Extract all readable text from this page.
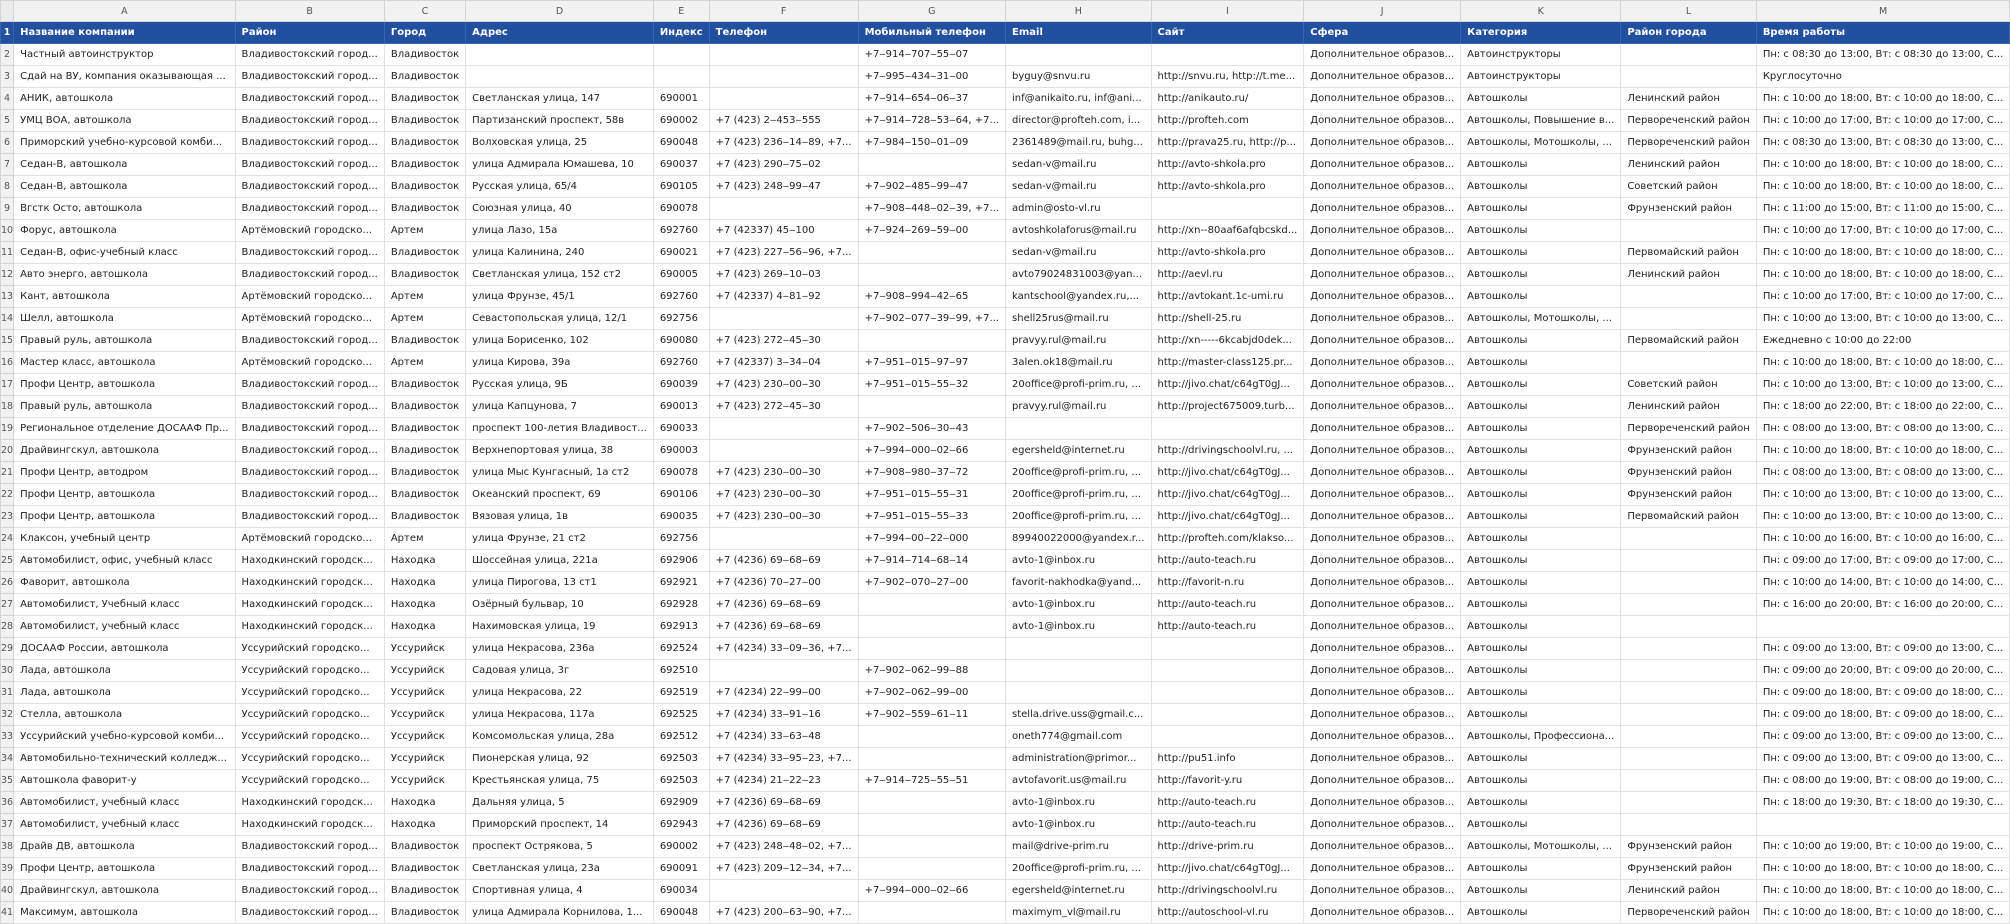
	A	B	C	D	E	F	G	H	I	J	K	L	M
1	Название компании	Район	Город	Адрес	Индекс	Телефон	Мобильный телефон	Email	Сайт	Сфера	Категория	Район города	Время работы
2	Частный автоинструктор	Владивостокский город...	Владивосток				+7‒914‒707‒55‒07			Дополнительное образов...	Автоинструкторы		Пн: с 08:30 до 13:00, Вт: с 08:30 до 13:00, С...
3	Сдай на ВУ, компания оказывающая ...	Владивостокский город...	Владивосток				+7‒995‒434‒31‒00	byguy@snvu.ru	http://snvu.ru, http://t.me...	Дополнительное образов...	Автоинструкторы		Круглосуточно
4	АНИК, автошкола	Владивостокский город...	Владивосток	Светланская улица, 147	690001		+7‒914‒654‒06‒37	inf@anikaito.ru, inf@ani...	http://anikauto.ru/	Дополнительное образов...	Автошколы	Ленинский район	Пн: с 10:00 до 18:00, Вт: с 10:00 до 18:00, С...
5	УМЦ ВОА, автошкола	Владивостокский город...	Владивосток	Партизанский проспект, 58в	690002	+7 (423) 2‒453‒555	+7‒914‒728‒53‒64, +7...	director@profteh.com, i...	http://profteh.com	Дополнительное образов...	Автошколы, Повышение в...	Первореченский район	Пн: с 10:00 до 17:00, Вт: с 10:00 до 17:00, С...
6	Приморский учебно-курсовой комби...	Владивостокский город...	Владивосток	Волховская улица, 25	690048	+7 (423) 236‒14‒89, +7...	+7‒984‒150‒01‒09	2361489@mail.ru, buhg...	http://prava25.ru, http://p...	Дополнительное образов...	Автошколы, Мотошколы, ...	Первореченский район	Пн: с 08:30 до 13:00, Вт: с 08:30 до 13:00, С...
7	Седан-В, автошкола	Владивостокский город...	Владивосток	улица Адмирала Юмашева, 10	690037	+7 (423) 290‒75‒02		sedan-v@mail.ru	http://avto-shkola.pro	Дополнительное образов...	Автошколы	Ленинский район	Пн: с 10:00 до 18:00, Вт: с 10:00 до 18:00, С...
8	Седан-В, автошкола	Владивостокский город...	Владивосток	Русская улица, 65/4	690105	+7 (423) 248‒99‒47	+7‒902‒485‒99‒47	sedan-v@mail.ru	http://avto-shkola.pro	Дополнительное образов...	Автошколы	Советский район	Пн: с 10:00 до 18:00, Вт: с 10:00 до 18:00, С...
9	Вгстк Осто, автошкола	Владивостокский город...	Владивосток	Союзная улица, 40	690078		+7‒908‒448‒02‒39, +7...	admin@osto-vl.ru		Дополнительное образов...	Автошколы	Фрунзенский район	Пн: с 11:00 до 15:00, Вт: с 11:00 до 15:00, С...
10	Форус, автошкола	Артёмовский городско...	Артем	улица Лазо, 15а	692760	+7 (42337) 45‒100	+7‒924‒269‒59‒00	avtoshkolaforus@mail.ru	http://xn--80aaf6afqbcskd...	Дополнительное образов...	Автошколы		Пн: с 10:00 до 17:00, Вт: с 10:00 до 17:00, С...
11	Седан-В, офис-учебный класс	Владивостокский город...	Владивосток	улица Калинина, 240	690021	+7 (423) 227‒56‒96, +7...		sedan-v@mail.ru	http://avto-shkola.pro	Дополнительное образов...	Автошколы	Первомайский район	Пн: с 10:00 до 18:00, Вт: с 10:00 до 18:00, С...
12	Авто энерго, автошкола	Владивостокский город...	Владивосток	Светланская улица, 152 ст2	690005	+7 (423) 269‒10‒03		avto79024831003@yan...	http://aevl.ru	Дополнительное образов...	Автошколы	Ленинский район	Пн: с 10:00 до 18:00, Вт: с 10:00 до 18:00, С...
13	Кант, автошкола	Артёмовский городско...	Артем	улица Фрунзе, 45/1	692760	+7 (42337) 4‒81‒92	+7‒908‒994‒42‒65	kantschool@yandex.ru,...	http://avtokant.1c-umi.ru	Дополнительное образов...	Автошколы		Пн: с 10:00 до 17:00, Вт: с 10:00 до 17:00, С...
14	Шелл, автошкола	Артёмовский городско...	Артем	Севастопольская улица, 12/1	692756		+7‒902‒077‒39‒99, +7...	shell25rus@mail.ru	http://shell-25.ru	Дополнительное образов...	Автошколы, Мотошколы, ...		Пн: с 10:00 до 13:00, Вт: с 10:00 до 13:00, С...
15	Правый руль, автошкола	Владивостокский город...	Владивосток	улица Борисенко, 102	690080	+7 (423) 272‒45‒30		pravyy.rul@mail.ru	http://xn-----6kcabjd0dek...	Дополнительное образов...	Автошколы	Первомайский район	Ежедневно с 10:00 до 22:00
16	Мастер класс, автошкола	Артёмовский городско...	Артем	улица Кирова, 39а	692760	+7 (42337) 3‒34‒04	+7‒951‒015‒97‒97	3alen.ok18@mail.ru	http://master-class125.pr...	Дополнительное образов...	Автошколы		Пн: с 10:00 до 18:00, Вт: с 10:00 до 18:00, С...
17	Профи Центр, автошкола	Владивостокский город...	Владивосток	Русская улица, 9Б	690039	+7 (423) 230‒00‒30	+7‒951‒015‒55‒32	20office@profi-prim.ru, ...	http://jivo.chat/c64gT0gJ...	Дополнительное образов...	Автошколы	Советский район	Пн: с 10:00 до 13:00, Вт: с 10:00 до 13:00, С...
18	Правый руль, автошкола	Владивостокский город...	Владивосток	улица Капцунова, 7	690013	+7 (423) 272‒45‒30		pravyy.rul@mail.ru	http://project675009.turb...	Дополнительное образов...	Автошколы	Ленинский район	Пн: с 18:00 до 22:00, Вт: с 18:00 до 22:00, С...
19	Региональное отделение ДОСААФ Пр...	Владивостокский город...	Владивосток	проспект 100-летия Владивост...	690033		+7‒902‒506‒30‒43			Дополнительное образов...	Автошколы	Первореченский район	Пн: с 08:00 до 13:00, Вт: с 08:00 до 13:00, С...
20	Драйвингскул, автошкола	Владивостокский город...	Владивосток	Верхнепортовая улица, 38	690003		+7‒994‒000‒02‒66	egersheld@internet.ru	http://drivingschoolvl.ru, ...	Дополнительное образов...	Автошколы	Фрунзенский район	Пн: с 10:00 до 18:00, Вт: с 10:00 до 18:00, С...
21	Профи Центр, автодром	Владивостокский город...	Владивосток	улица Мыс Кунгасный, 1а ст2	690078	+7 (423) 230‒00‒30	+7‒908‒980‒37‒72	20office@profi-prim.ru, ...	http://jivo.chat/c64gT0gJ...	Дополнительное образов...	Автошколы	Фрунзенский район	Пн: с 08:00 до 13:00, Вт: с 08:00 до 13:00, С...
22	Профи Центр, автошкола	Владивостокский город...	Владивосток	Океанский проспект, 69	690106	+7 (423) 230‒00‒30	+7‒951‒015‒55‒31	20office@profi-prim.ru, ...	http://jivo.chat/c64gT0gJ...	Дополнительное образов...	Автошколы	Фрунзенский район	Пн: с 10:00 до 13:00, Вт: с 10:00 до 13:00, С...
23	Профи Центр, автошкола	Владивостокский город...	Владивосток	Вязовая улица, 1в	690035	+7 (423) 230‒00‒30	+7‒951‒015‒55‒33	20office@profi-prim.ru, ...	http://jivo.chat/c64gT0gJ...	Дополнительное образов...	Автошколы	Первомайский район	Пн: с 10:00 до 13:00, Вт: с 10:00 до 13:00, С...
24	Клаксон, учебный центр	Артёмовский городско...	Артем	улица Фрунзе, 21 ст2	692756		+7‒994‒00‒22‒000	89940022000@yandex.r...	http://profteh.com/klakso...	Дополнительное образов...	Автошколы		Пн: с 10:00 до 16:00, Вт: с 10:00 до 16:00, С...
25	Автомобилист, офис, учебный класс	Находкинский городск...	Находка	Шоссейная улица, 221а	692906	+7 (4236) 69‒68‒69	+7‒914‒714‒68‒14	avto-1@inbox.ru	http://auto-teach.ru	Дополнительное образов...	Автошколы		Пн: с 09:00 до 17:00, Вт: с 09:00 до 17:00, С...
26	Фаворит, автошкола	Находкинский городск...	Находка	улица Пирогова, 13 ст1	692921	+7 (4236) 70‒27‒00	+7‒902‒070‒27‒00	favorit-nakhodka@yand...	http://favorit-n.ru	Дополнительное образов...	Автошколы		Пн: с 10:00 до 14:00, Вт: с 10:00 до 14:00, С...
27	Автомобилист, Учебный класс	Находкинский городск...	Находка	Озёрный бульвар, 10	692928	+7 (4236) 69‒68‒69		avto-1@inbox.ru	http://auto-teach.ru	Дополнительное образов...	Автошколы		Пн: с 16:00 до 20:00, Вт: с 16:00 до 20:00, С...
28	Автомобилист, учебный класс	Находкинский городск...	Находка	Нахимовская улица, 19	692913	+7 (4236) 69‒68‒69		avto-1@inbox.ru	http://auto-teach.ru	Дополнительное образов...	Автошколы		
29	ДОСААФ России, автошкола	Уссурийский городско...	Уссурийск	улица Некрасова, 236а	692524	+7 (4234) 33‒09‒36, +7...				Дополнительное образов...	Автошколы		Пн: с 09:00 до 13:00, Вт: с 09:00 до 13:00, С...
30	Лада, автошкола	Уссурийский городско...	Уссурийск	Садовая улица, 3г	692510		+7‒902‒062‒99‒88			Дополнительное образов...	Автошколы		Пн: с 09:00 до 20:00, Вт: с 09:00 до 20:00, С...
31	Лада, автошкола	Уссурийский городско...	Уссурийск	улица Некрасова, 22	692519	+7 (4234) 22‒99‒00	+7‒902‒062‒99‒00			Дополнительное образов...	Автошколы		Пн: с 09:00 до 18:00, Вт: с 09:00 до 18:00, С...
32	Стелла, автошкола	Уссурийский городско...	Уссурийск	улица Некрасова, 117а	692525	+7 (4234) 33‒91‒16	+7‒902‒559‒61‒11	stella.drive.uss@gmail.c...		Дополнительное образов...	Автошколы		Пн: с 09:00 до 18:00, Вт: с 09:00 до 18:00, С...
33	Уссурийский учебно-курсовой комби...	Уссурийский городско...	Уссурийск	Комсомольская улица, 28а	692512	+7 (4234) 33‒63‒48		oneth774@gmail.com		Дополнительное образов...	Автошколы, Профессиона...		Пн: с 09:00 до 13:00, Вт: с 09:00 до 13:00, С...
34	Автомобильно-технический колледж...	Уссурийский городско...	Уссурийск	Пионерская улица, 92	692503	+7 (4234) 33‒95‒23, +7...		administration@primor...	http://pu51.info	Дополнительное образов...	Автошколы		Пн: с 09:00 до 13:00, Вт: с 09:00 до 13:00, С...
35	Автошкола фаворит-у	Уссурийский городско...	Уссурийск	Крестьянская улица, 75	692503	+7 (4234) 21‒22‒23	+7‒914‒725‒55‒51	avtofavorit.us@mail.ru	http://favorit-y.ru	Дополнительное образов...	Автошколы		Пн: с 08:00 до 19:00, Вт: с 08:00 до 19:00, С...
36	Автомобилист, учебный класс	Находкинский городск...	Находка	Дальняя улица, 5	692909	+7 (4236) 69‒68‒69		avto-1@inbox.ru	http://auto-teach.ru	Дополнительное образов...	Автошколы		Пн: с 18:00 до 19:30, Вт: с 18:00 до 19:30, С...
37	Автомобилист, учебный класс	Находкинский городск...	Находка	Приморский проспект, 14	692943	+7 (4236) 69‒68‒69		avto-1@inbox.ru	http://auto-teach.ru	Дополнительное образов...	Автошколы		
38	Драйв ДВ, автошкола	Владивостокский город...	Владивосток	проспект Острякова, 5	690002	+7 (423) 248‒48‒02, +7...		mail@drive-prim.ru	http://drive-prim.ru	Дополнительное образов...	Автошколы, Мотошколы, ...	Фрунзенский район	Пн: с 10:00 до 19:00, Вт: с 10:00 до 19:00, С...
39	Профи Центр, автошкола	Владивостокский город...	Владивосток	Светланская улица, 23а	690091	+7 (423) 209‒12‒34, +7...		20office@profi-prim.ru, ...	http://jivo.chat/c64gT0gJ...	Дополнительное образов...	Автошколы	Фрунзенский район	Пн: с 10:00 до 18:00, Вт: с 10:00 до 18:00, С...
40	Драйвингскул, автошкола	Владивостокский город...	Владивосток	Спортивная улица, 4	690034		+7‒994‒000‒02‒66	egersheld@internet.ru	http://drivingschoolvl.ru	Дополнительное образов...	Автошколы	Ленинский район	Пн: с 10:00 до 18:00, Вт: с 10:00 до 18:00, С...
41	Максимум, автошкола	Владивостокский город...	Владивосток	улица Адмирала Корнилова, 1...	690048	+7 (423) 200‒63‒90, +7...		maximym_vl@mail.ru	http://autoschool-vl.ru	Дополнительное образов...	Автошколы	Первореченский район	Пн: с 10:00 до 18:00, Вт: с 10:00 до 18:00, С...
